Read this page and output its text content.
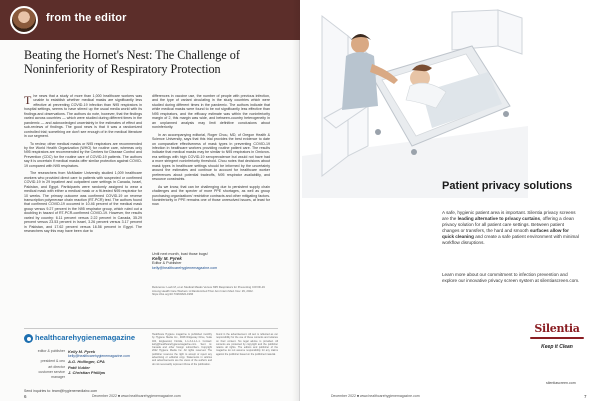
from the editor
Beating the Hornet's Nest: The Challenge of Noninferiority of Respiratory Protection

The news that a study of more than 1,000 healthcare workers was unable to establish whether medical masks are significantly less effective at preventing COVID-19 infection than N95 respirators in hospital settings, seems to have stirred up the usual media world with its findings and observations. The authors do note, however, that the findings varied across countries — which were studied during different times in the pandemic — and acknowledged uncertainty in the estimates of effect and sub-reviews of findings. The good news is that it was a randomized controlled trial; something we don't see enough of in the medical literature in our segment.

To review, other medical masks or N95 respirators are recommended by the World Health Organization (WHO) for routine care, whereas only N95 respirators are recommended by the Centers for Disease Control and Prevention (CDC) for the routine care of COVID-19 patients. The authors say it is uncertain if medical masks offer similar protection against COVID-19 compared with N95 respirators.

The researchers from McMaster University studied 1,009 healthcare workers who provided direct care to patients with suspected or confirmed COVID-19 in 29 inpatient and outpatient care settings in Canada, Israel, Pakistan, and Egypt. Participants were randomly assigned to wear a medical mask with either a medical mask or a fit-tested N95 respirator for 10 weeks. The primary outcome was confirmed COVID-19 on reverse transcription polymerase chain reaction (RT-PCR) test. The authors found that confirmed COVID-19 occurred in 10.46 percent of the medical mask group versus 9.27 percent in the N95 respirator group, which ruled out a doubling in hazard of RT-PCR-confirmed COVID-19. However, the results varied by country: 6.11 percent versus 2.22 percent in Canada, 35.29 percent versus 23.53 percent in Israel, 3.26 percent versus 3.17 percent in Pakistan, and 17.62 percent versus 16.56 percent in Egypt. The researchers say this may have been due to

differences in vaccine use, the number of people with previous infection, and the type of variant circulating in the study countries which were studied during different times in the pandemic. The authors indicate that while medical masks were found to be not significantly less effective than N95 respirators, and the efficacy estimate was within the noninferiority margin of 2, this margin was wide, and between-country heterogeneity in an unplanned analysis may limit definitive conclusions about noninferiority.

In an accompanying editorial, Roger Chou, MD, of Oregon Health & Science University, says that this trial provides the best evidence to date on comparative effectiveness of mask types in preventing COVID-19 infection in healthcare workers providing routine patient care. The results indicate that medical masks may be similar to N95 respirators in Omicron-era settings with high COVID-19 seroprevalence but would not have had a more stringent noninferiority threshold. Chou notes that decisions about mask types in healthcare settings should be informed by the uncertainty around the estimates and continue to account for healthcare worker preferences about potential tradeoffs, N95 respirator availability, and resource constraints.

As we know, that can be challenging due to persistent supply chain challenges and the specter of more PPE shortages, as well as group purchasing organizations' restrictive contracts and other mitigating factors. Noninferiority in PPE remains one of those unresolved issues, at least for now.

Until next month, bust those bugs!
Kelly M. Pyrek
Editor & Publisher
kelly@healthcarehygienemagazine.com
Reference: Loeb M, et al. Medical Masks Versus N95 Respirators for Preventing COVID-19 Among Health Care Workers: A Randomized Trial. Ann Intern Med. Nov. 29, 2022. https://doi.org/10.7326/M22-1966
healthcarehygienemagazine
editor & publisher Kelly M. Pyrek
kelly@healthcarehygienemagazine.com
president & ceo A.G. Hollinger, CPA
art director Patti Vukler
customer service manager
J. Christian Phillips
Send inquiries to: team@hygienemediainc.com
Healthcare Hygiene magazine is published monthly by Hygiene Media Inc., 4848 Ridgeway Drive, Suite 400, Englewood, Florida, 1-1-3-4-1-1-1. Contact: kelly@healthcarehygienemagazine.com. Sent to: Canada and other foreign subscribers. Copyright 2022 Hygiene Media Inc. All rights reserved. The publisher reserves the right to accept or reject any advertising or editorial copy. Statements in articles and advertisements are the views of the authors and do not necessarily represent those of the publication.
found in the advertisement. All text is reflected as our responsibility for the use of these contents and reliance on their content. No legal advice is provided. All contents are protected by copyright and the publisher retains all rights. The editors and publisher of the magazine do not assume responsibility for any claims against the publisher based on the published material.
6	December 2022 ■ www.healthcarehygienemagazine.com
Patient privacy solutions
A safe, hygienic patient area is important. Silentia privacy screens are the leading alternative to privacy curtains, offering a clean privacy solution for all patient care settings. Between patient changes or transfers, the hard and smooth surfaces allow for quick cleaning and create a safe patient environment with minimal workflow disruptions.
Learn more about our commitment to infection prevention and explore our innovative privacy screen system at silentiascreen.com.
Silentia
Keep it Clean
silentiascreen.com
December 2022 ■ www.healthcarehygienemagazine.com	7
